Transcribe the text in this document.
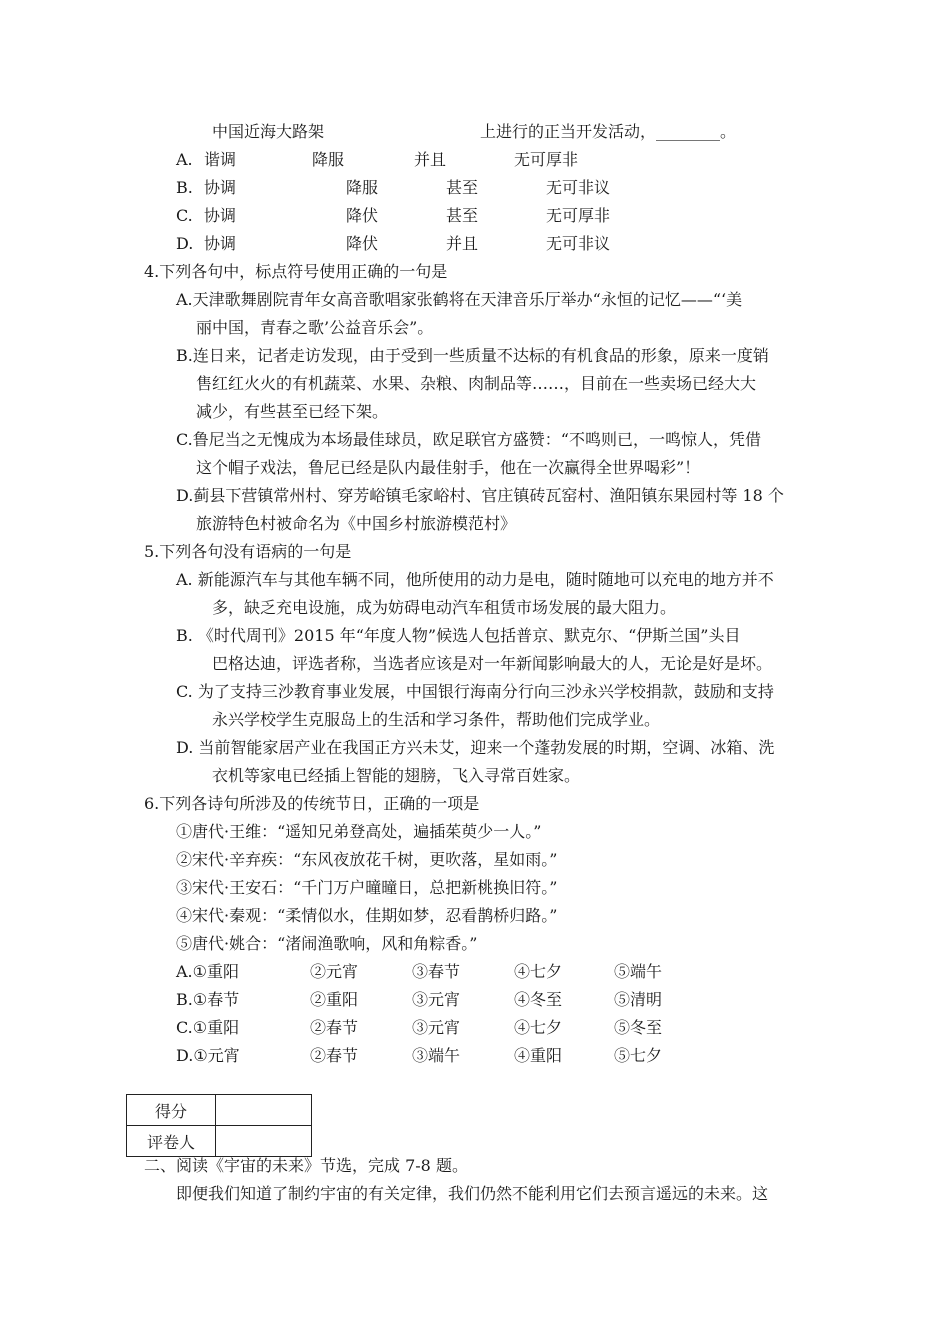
中国近海大路架	上进行的正当开发活动，________。
A. 谐调	降服	并且	无可厚非
B. 协调	降服	甚至	无可非议
C. 协调	降伏	甚至	无可厚非
D. 协调	降伏	并且	无可非议
4.下列各句中，标点符号使用正确的一句是
A.天津歌舞剧院青年女高音歌唱家张鹤将在天津音乐厅举办“永恒的记忆——“‘美
丽中国，青春之歌’公益音乐会”。
B.连日来，记者走访发现，由于受到一些质量不达标的有机食品的形象，原来一度销
售红红火火的有机蔬菜、水果、杂粮、肉制品等……，目前在一些卖场已经大大
减少，有些甚至已经下架。
C.鲁尼当之无愧成为本场最佳球员，欧足联官方盛赞：“不鸣则已，一鸣惊人，凭借
这个帽子戏法，鲁尼已经是队内最佳射手，他在一次赢得全世界喝彩”！
D.蓟县下营镇常州村、穿芳峪镇毛家峪村、官庄镇砖瓦窑村、渔阳镇东果园村等 18 个
旅游特色村被命名为《中国乡村旅游模范村》
5.下列各句没有语病的一句是
A. 新能源汽车与其他车辆不同，他所使用的动力是电，随时随地可以充电的地方并不
多，缺乏充电设施，成为妨碍电动汽车租赁市场发展的最大阻力。
B. 《时代周刊》2015 年“年度人物”候选人包括普京、默克尔、“伊斯兰国”头目
巴格达迪，评选者称，当选者应该是对一年新闻影响最大的人，无论是好是坏。
C. 为了支持三沙教育事业发展，中国银行海南分行向三沙永兴学校捐款，鼓励和支持
永兴学校学生克服岛上的生活和学习条件，帮助他们完成学业。
D. 当前智能家居产业在我国正方兴未艾，迎来一个蓬勃发展的时期，空调、冰箱、洗
衣机等家电已经插上智能的翅膀，飞入寻常百姓家。
6.下列各诗句所涉及的传统节日，正确的一项是
①唐代·王维：“遥知兄弟登高处，遍插茱萸少一人。”
②宋代·辛弃疾：“东风夜放花千树，更吹落，星如雨。”
③宋代·王安石：“千门万户曈曈日，总把新桃换旧符。”
④宋代·秦观：“柔情似水，佳期如梦，忍看鹊桥归路。”
⑤唐代·姚合：“渚闹渔歌响，风和角粽香。”
A.①重阳	②元宵	③春节	④七夕	⑤端午
B.①春节	②重阳	③元宵	④冬至	⑤清明
C.①重阳	②春节	③元宵	④七夕	⑤冬至
D.①元宵	②春节	③端午	④重阳	⑤七夕
得分	
评卷人	
二、阅读《宇宙的未来》节选，完成 7-8 题。
即便我们知道了制约宇宙的有关定律，我们仍然不能利用它们去预言遥远的未来。这
